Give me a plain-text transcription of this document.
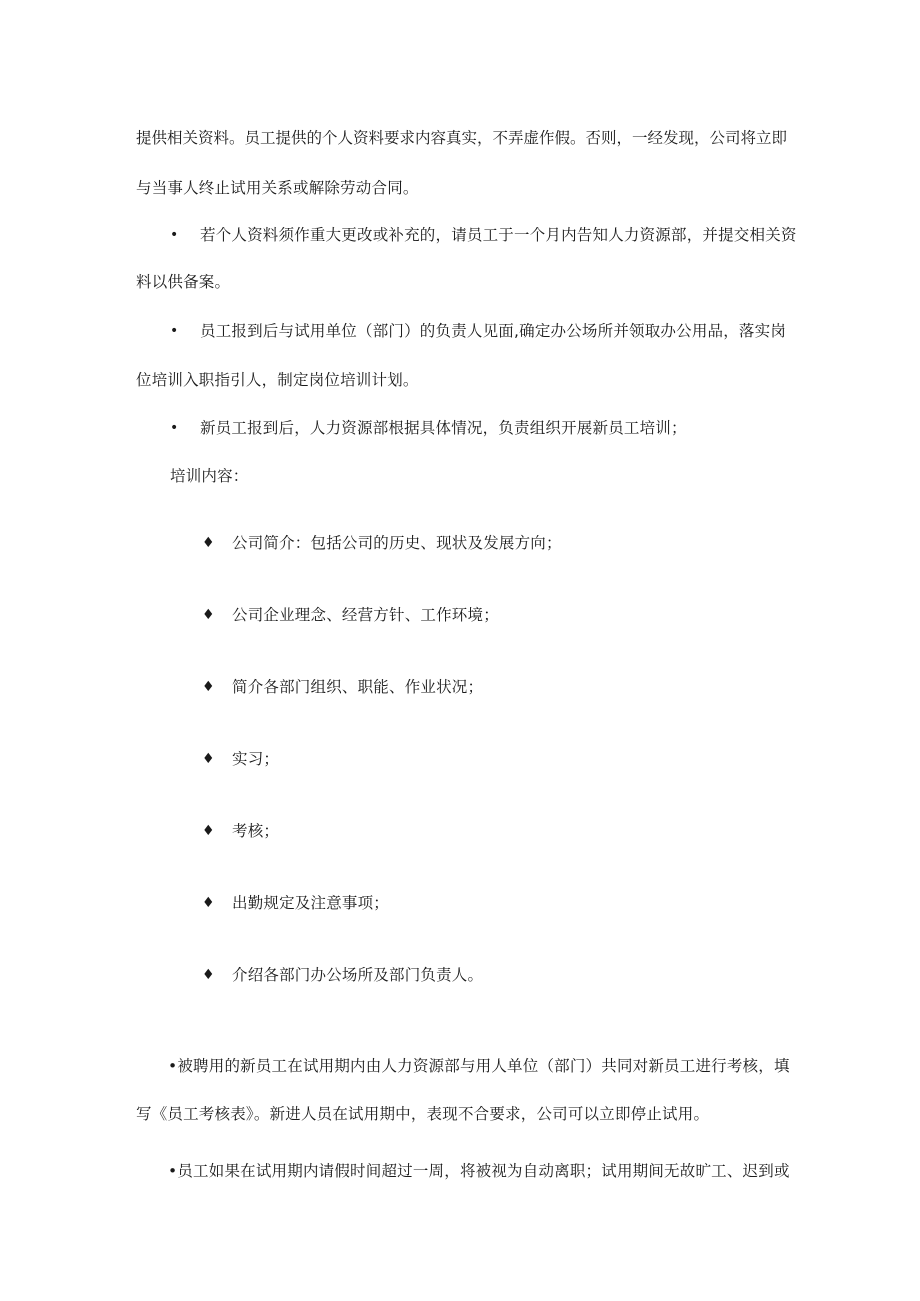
提供相关资料。员工提供的个人资料要求内容真实，不弄虚作假。否则，一经发现，公司将立即
与当事人终止试用关系或解除劳动合同。
• 若个人资料须作重大更改或补充的，请员工于一个月内告知人力资源部，并提交相关资
料以供备案。
• 员工报到后与试用单位（部门）的负责人见面,确定办公场所并领取办公用品，落实岗
位培训入职指引人，制定岗位培训计划。
• 新员工报到后，人力资源部根据具体情况，负责组织开展新员工培训；
培训内容：
♦ 公司简介：包括公司的历史、现状及发展方向；
♦ 公司企业理念、经营方针、工作环境；
♦ 简介各部门组织、职能、作业状况；
♦ 实习；
♦ 考核；
♦ 出勤规定及注意事项；
♦ 介绍各部门办公场所及部门负责人。
•被聘用的新员工在试用期内由人力资源部与用人单位（部门）共同对新员工进行考核，填
写《员工考核表》。新进人员在试用期中，表现不合要求，公司可以立即停止试用。
•员工如果在试用期内请假时间超过一周，将被视为自动离职；试用期间无故旷工、迟到或
